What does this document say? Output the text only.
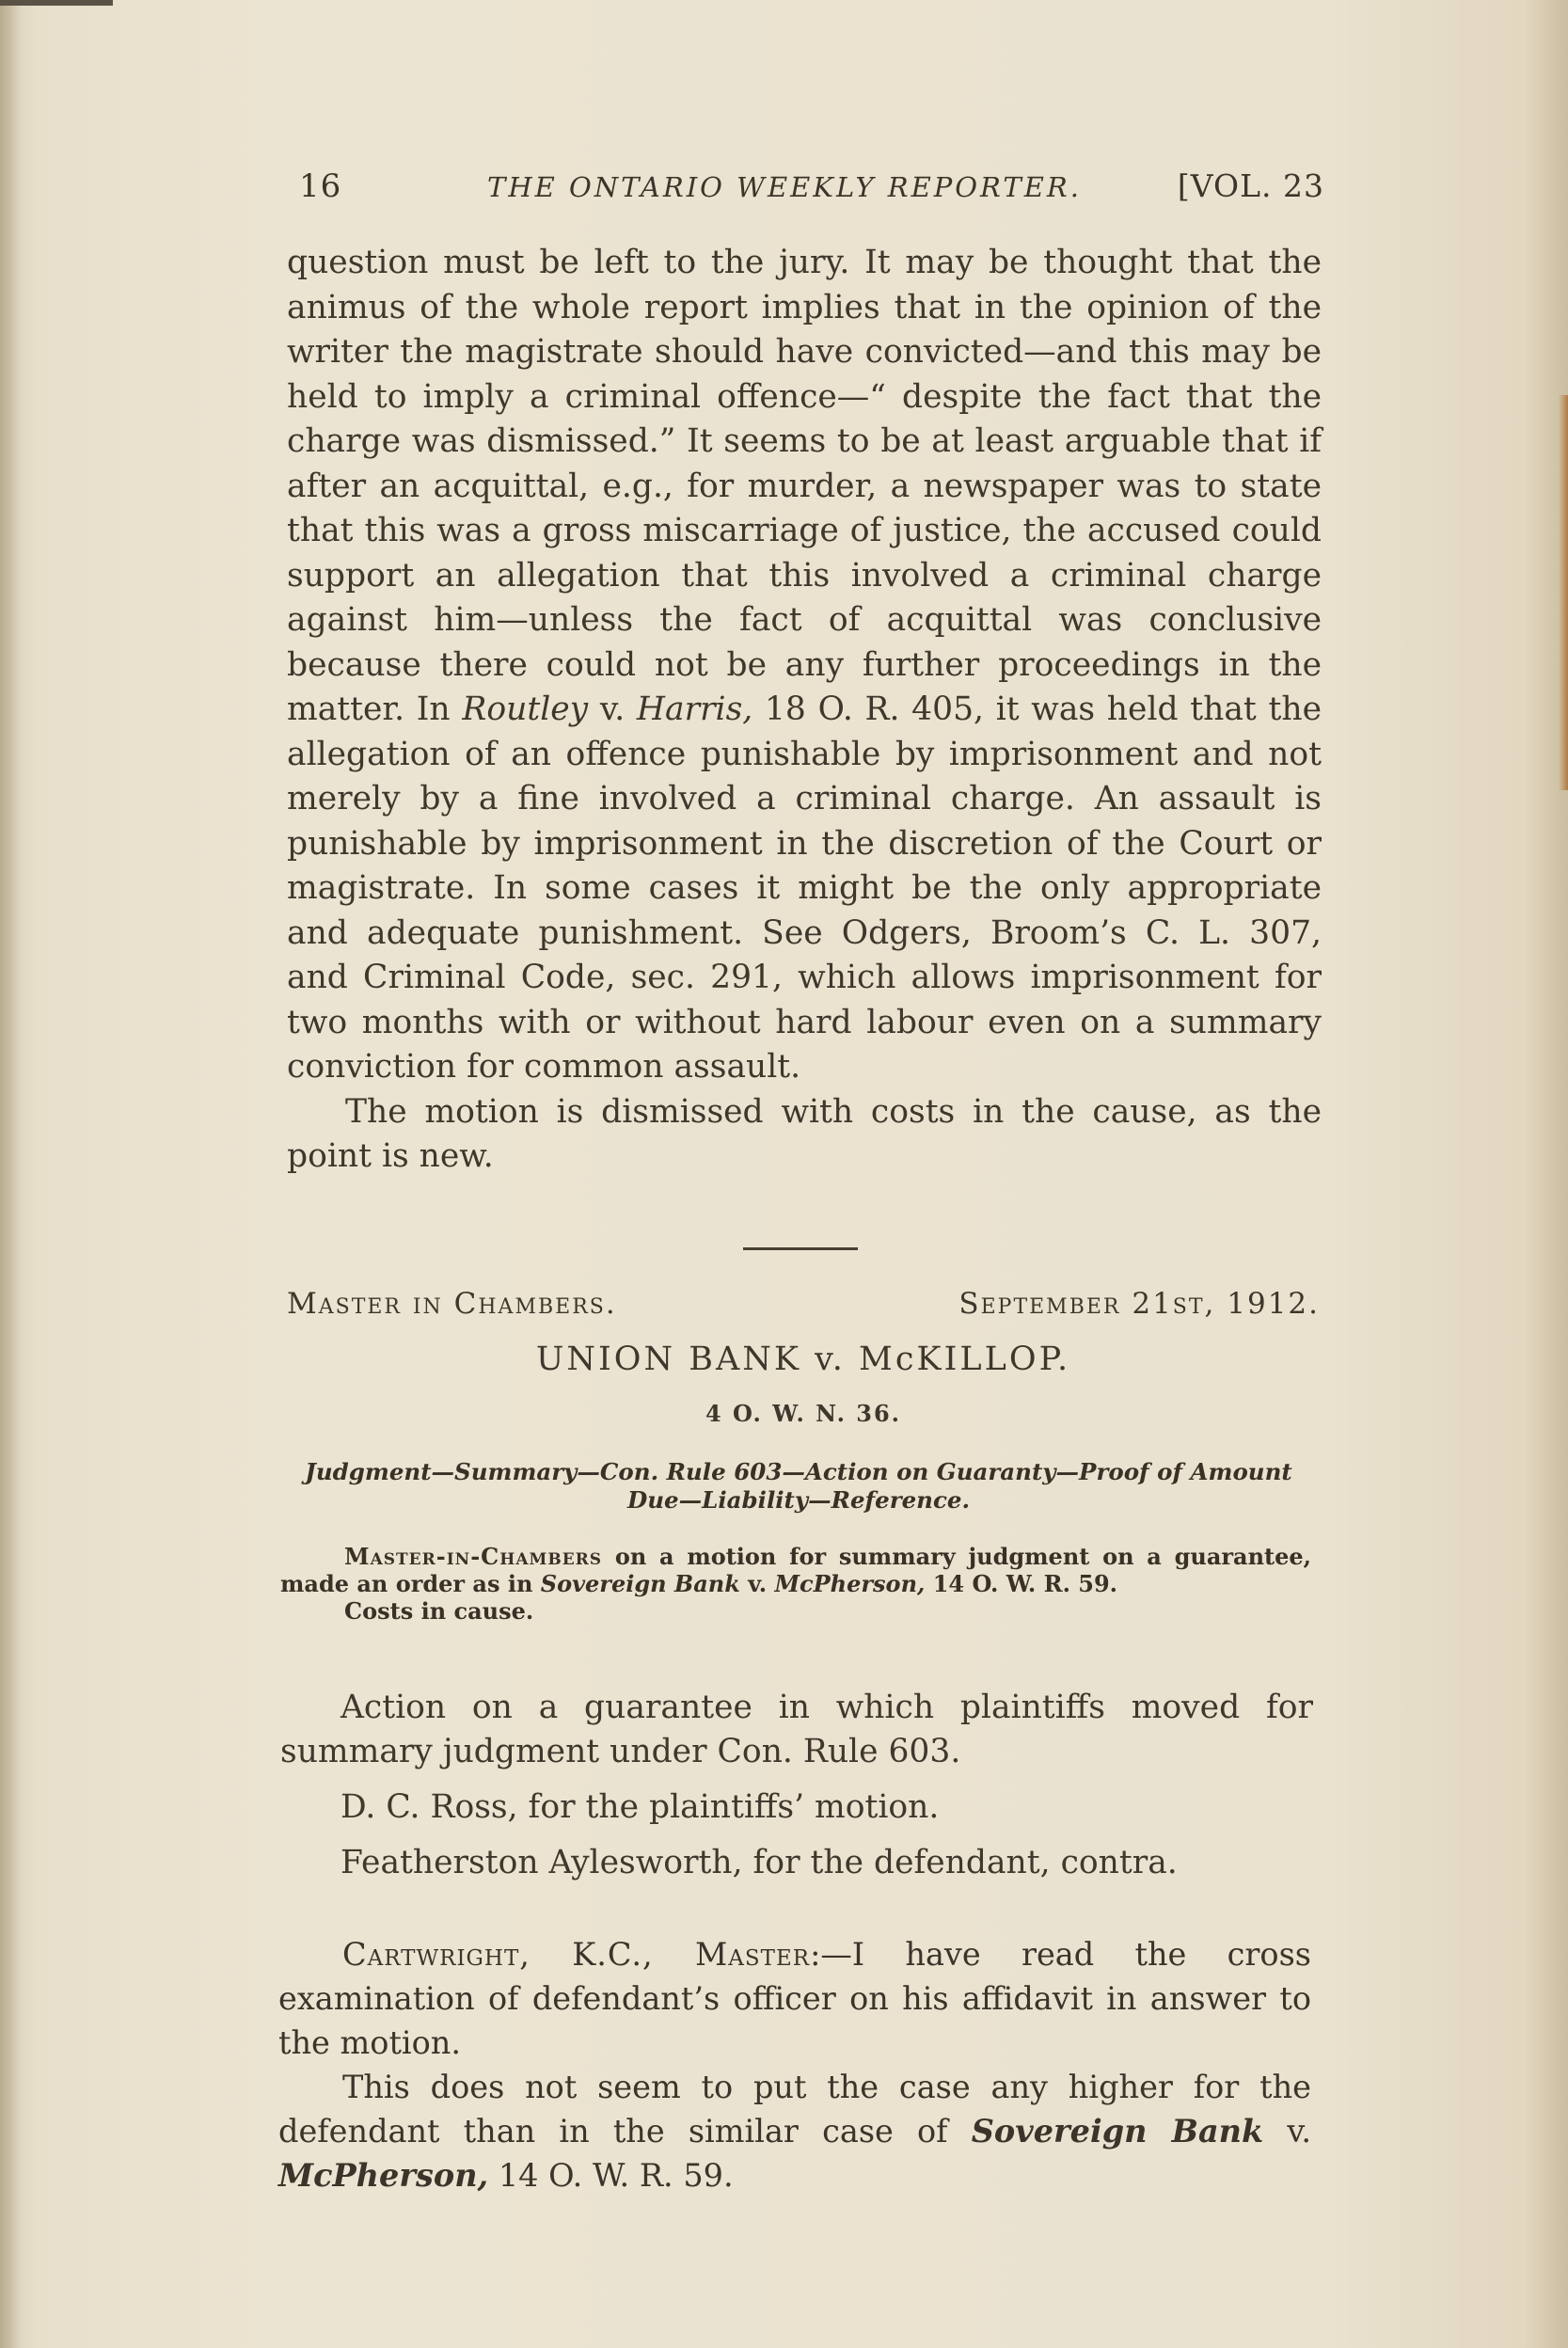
16	THE ONTARIO WEEKLY REPORTER.	[VOL. 23

question must be left to the jury. It may be thought that the animus of the whole report implies that in the opinion of the writer the magistrate should have convicted—and this may be held to imply a criminal offence—“ despite the fact that the charge was dismissed.” It seems to be at least arguable that if after an acquittal, e.g., for murder, a newspaper was to state that this was a gross miscarriage of justice, the accused could support an allegation that this involved a criminal charge against him—unless the fact of acquittal was conclusive because there could not be any further proceedings in the matter. In Routley v. Harris, 18 O. R. 405, it was held that the allegation of an offence punishable by imprisonment and not merely by a fine involved a criminal charge. An assault is punishable by imprisonment in the discretion of the Court or magistrate. In some cases it might be the only appropriate and adequate punishment. See Odgers, Broom’s C. L. 307, and Criminal Code, sec. 291, which allows imprisonment for two months with or without hard labour even on a summary conviction for common assault.

The motion is dismissed with costs in the cause, as the point is new.

Master in Chambers.	September 21st, 1912.
UNION BANK v. McKILLOP.
4 O. W. N. 36.
Judgment—Summary—Con. Rule 603—Action on Guaranty—Proof of Amount Due—Liability—Reference.

Master-in-Chambers on a motion for summary judgment on a guarantee, made an order as in Sovereign Bank v. McPherson, 14 O. W. R. 59.

Costs in cause.

Action on a guarantee in which plaintiffs moved for summary judgment under Con. Rule 603.

D. C. Ross, for the plaintiffs’ motion.

Featherston Aylesworth, for the defendant, contra.

Cartwright, K.C., Master:—I have read the cross examination of defendant’s officer on his affidavit in answer to the motion.

This does not seem to put the case any higher for the defendant than in the similar case of Sovereign Bank v. McPherson, 14 O. W. R. 59.
